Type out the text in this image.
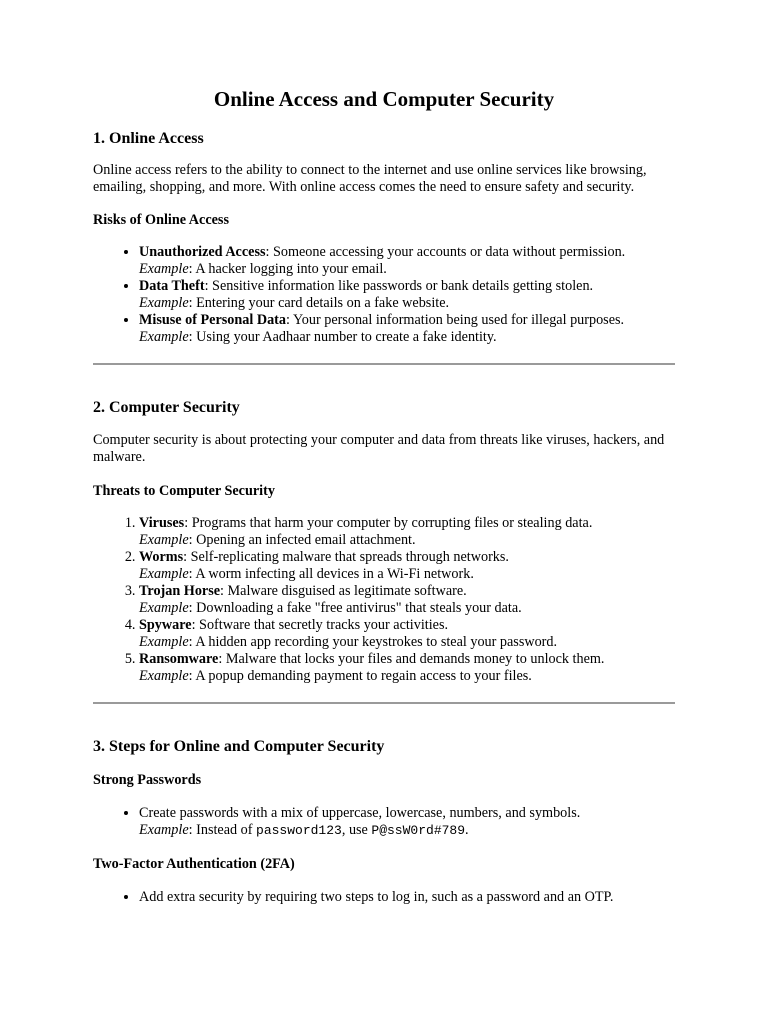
Online Access and Computer Security
1. Online Access

Online access refers to the ability to connect to the internet and use online services like browsing, emailing, shopping, and more. With online access comes the need to ensure safety and security.

Risks of Online Access
• Unauthorized Access: Someone accessing your accounts or data without permission.
Example: A hacker logging into your email.
• Data Theft: Sensitive information like passwords or bank details getting stolen.
Example: Entering your card details on a fake website.
• Misuse of Personal Data: Your personal information being used for illegal purposes.
Example: Using your Aadhaar number to create a fake identity.
2. Computer Security

Computer security is about protecting your computer and data from threats like viruses, hackers, and malware.

Threats to Computer Security
1. Viruses: Programs that harm your computer by corrupting files or stealing data.
Example: Opening an infected email attachment.
2. Worms: Self-replicating malware that spreads through networks.
Example: A worm infecting all devices in a Wi-Fi network.
3. Trojan Horse: Malware disguised as legitimate software.
Example: Downloading a fake "free antivirus" that steals your data.
4. Spyware: Software that secretly tracks your activities.
Example: A hidden app recording your keystrokes to steal your password.
5. Ransomware: Malware that locks your files and demands money to unlock them.
Example: A popup demanding payment to regain access to your files.
3. Steps for Online and Computer Security
Strong Passwords
• Create passwords with a mix of uppercase, lowercase, numbers, and symbols.
Example: Instead of password123, use P@ssW0rd#789.
Two-Factor Authentication (2FA)
• Add extra security by requiring two steps to log in, such as a password and an OTP.
